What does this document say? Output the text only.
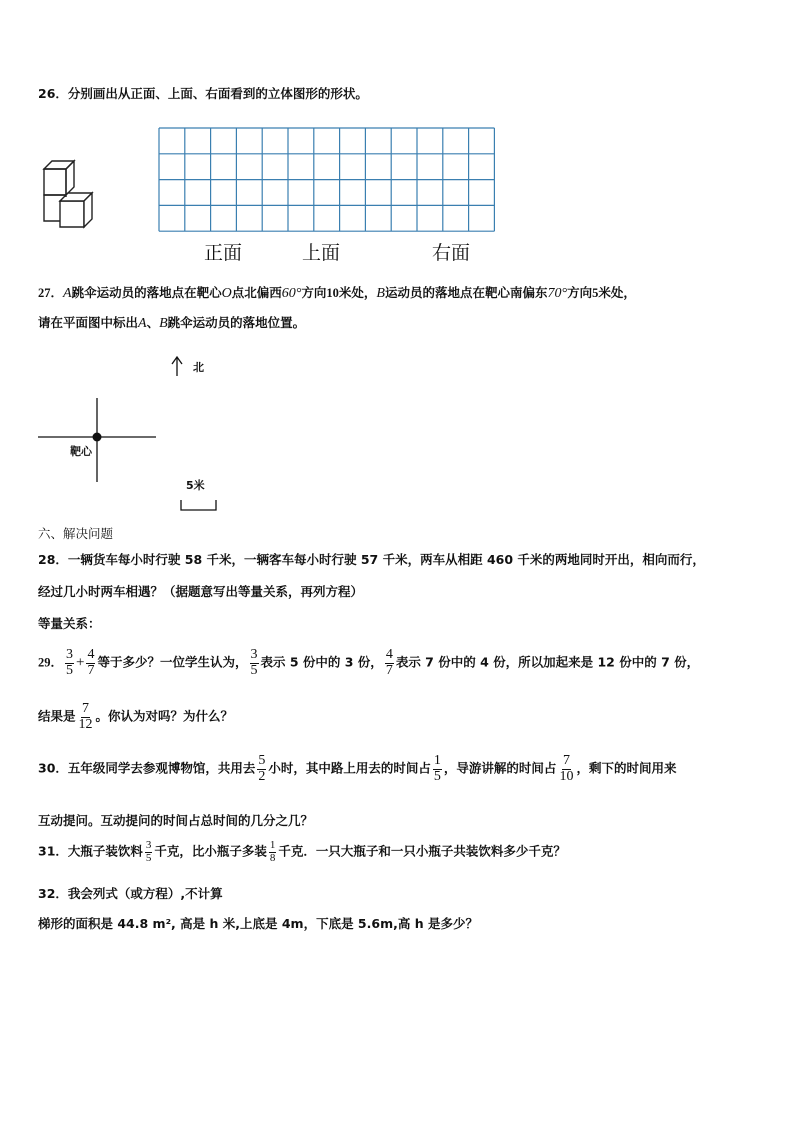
26．分别画出从正面、上面、右面看到的立体图形的形状。
正面	上面	右面
27．A跳伞运动员的落地点在靶心O点北偏西60°方向10米处，B运动员的落地点在靶心南偏东70°方向5米处，
请在平面图中标出A、B跳伞运动员的落地位置。
北
靶心
5米
六、解决问题
28．一辆货车每小时行驶 58 千米，一辆客车每小时行驶 57 千米，两车从相距 460 千米的两地同时开出，相向而行，
经过几小时两车相遇？（据题意写出等量关系，再列方程）
等量关系：
29． $\frac{3}{5} + \frac{4}{7}$ 等于多少？一位学生认为， $\frac{3}{5}$ 表示 5 份中的 3 份， $\frac{4}{7}$ 表示 7 份中的 4 份，所以加起来是 12 份中的 7 份，
结果是 $\frac{7}{12}$ 。你认为对吗？为什么？
30．五年级同学去参观博物馆，共用去 $\frac{5}{2}$ 小时，其中路上用去的时间占 $\frac{1}{5}$ ，导游讲解的时间占 $\frac{7}{10}$ ，剩下的时间用来
互动提问。互动提问的时间占总时间的几分之几？
31．大瓶子装饮料 $\frac{3}{5}$ 千克，比小瓶子多装 $\frac{1}{8}$ 千克．一只大瓶子和一只小瓶子共装饮料多少千克？
32．我会列式（或方程）,不计算
梯形的面积是 44.8 m², 高是 h 米,上底是 4m，下底是 5.6m,高 h 是多少？
